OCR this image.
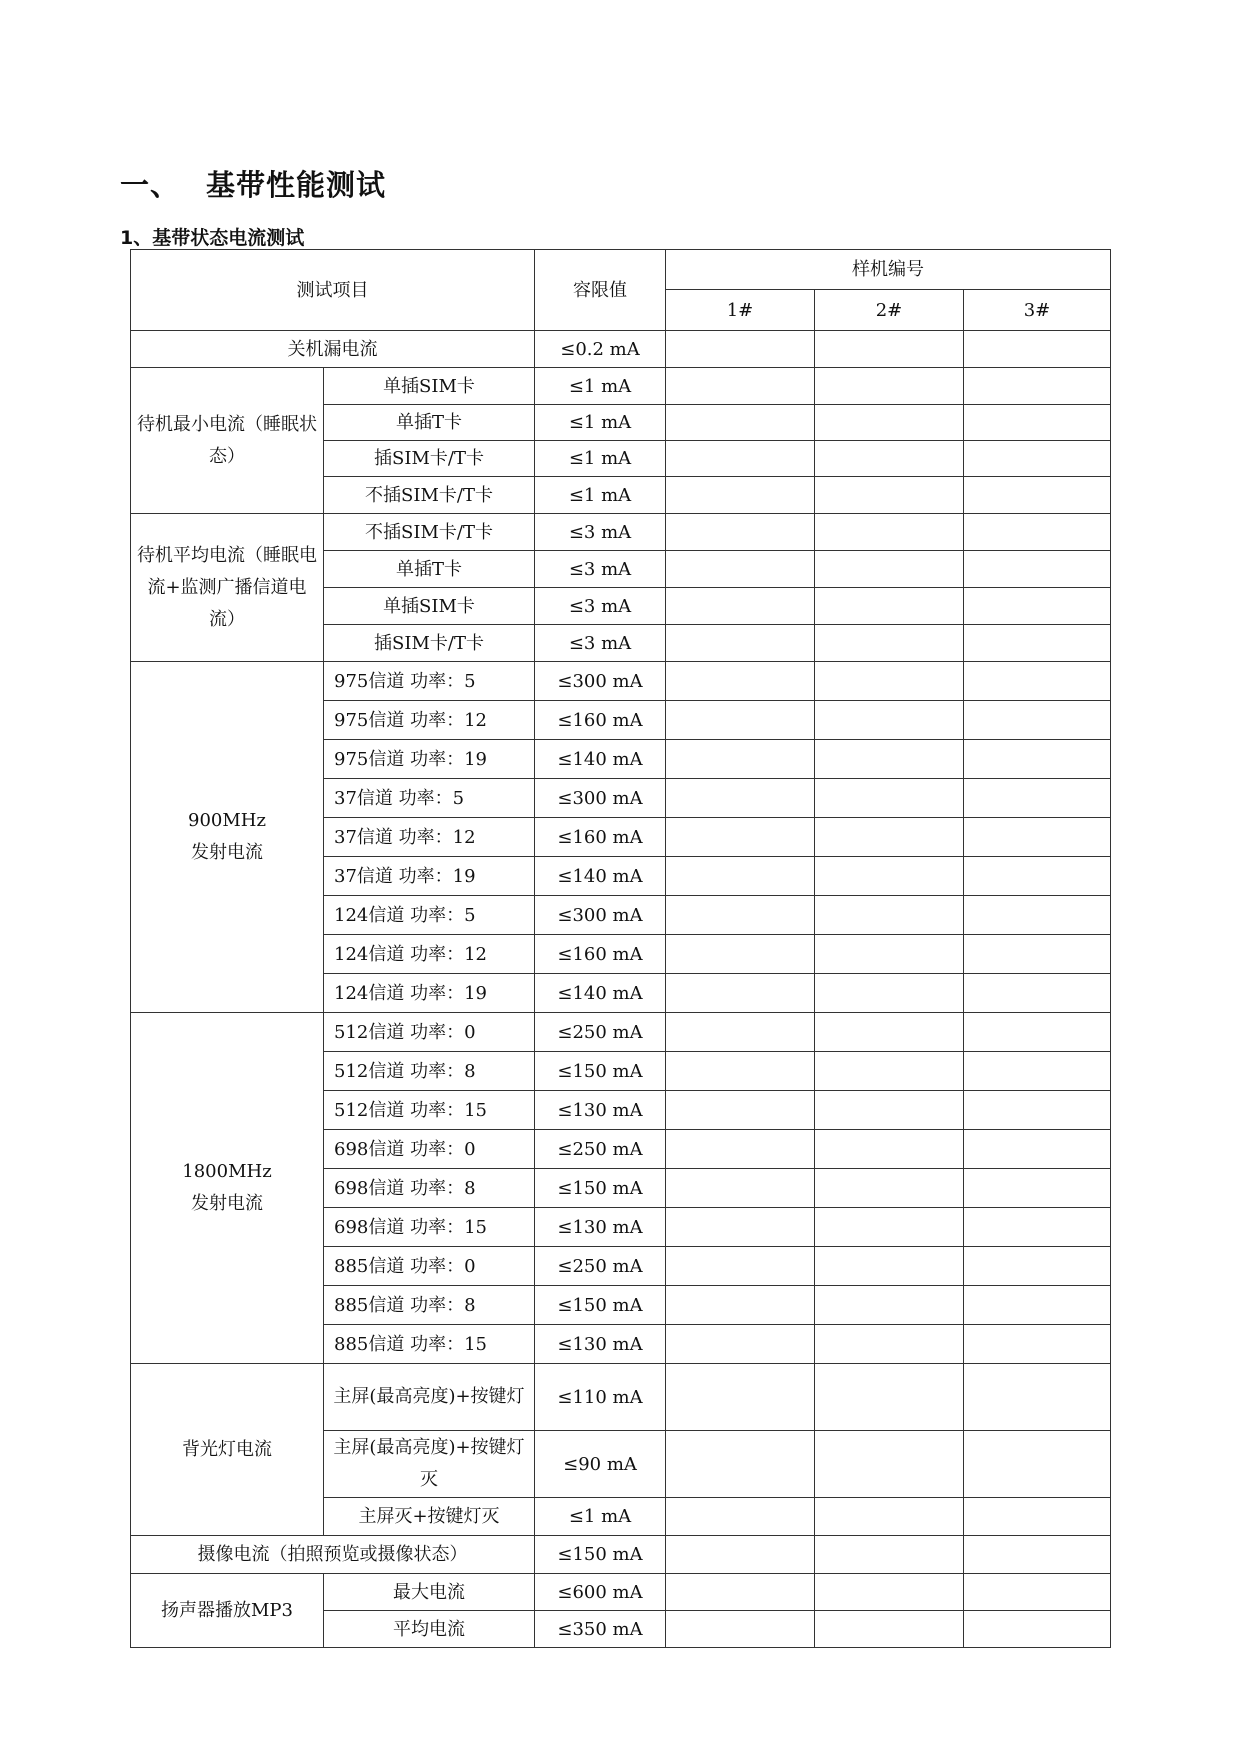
一、 基带性能测试
1、基带状态电流测试
测试项目		容限值	样机编号		
			1#	2#	3#
关机漏电流		≤0.2 mA			
待机最小电流（睡眠状态）	单插SIM卡	≤1 mA			
	单插T卡	≤1 mA			
	插SIM卡/T卡	≤1 mA			
	不插SIM卡/T卡	≤1 mA			
待机平均电流（睡眠电流+监测广播信道电流）	不插SIM卡/T卡	≤3 mA			
	单插T卡	≤3 mA			
	单插SIM卡	≤3 mA			
	插SIM卡/T卡	≤3 mA			

900MHz
发射电流	975信道 功率：5	≤300 mA			
	975信道 功率：12	≤160 mA			
	975信道 功率：19	≤140 mA			
	37信道 功率：5	≤300 mA			
	37信道 功率：12	≤160 mA			
	37信道 功率：19	≤140 mA			
	124信道 功率：5	≤300 mA			
	124信道 功率：12	≤160 mA			
	124信道 功率：19	≤140 mA			

1800MHz
发射电流	512信道 功率：0	≤250 mA			
	512信道 功率：8	≤150 mA			
	512信道 功率：15	≤130 mA			
	698信道 功率：0	≤250 mA			
	698信道 功率：8	≤150 mA			
	698信道 功率：15	≤130 mA			
	885信道 功率：0	≤250 mA			
	885信道 功率：8	≤150 mA			
	885信道 功率：15	≤130 mA			
背光灯电流	主屏(最高亮度)+按键灯	≤110 mA			
	主屏(最高亮度)+按键灯灭	≤90 mA			
	主屏灭+按键灯灭	≤1 mA			
摄像电流（拍照预览或摄像状态）		≤150 mA			
扬声器播放MP3	最大电流	≤600 mA			
	平均电流	≤350 mA			
